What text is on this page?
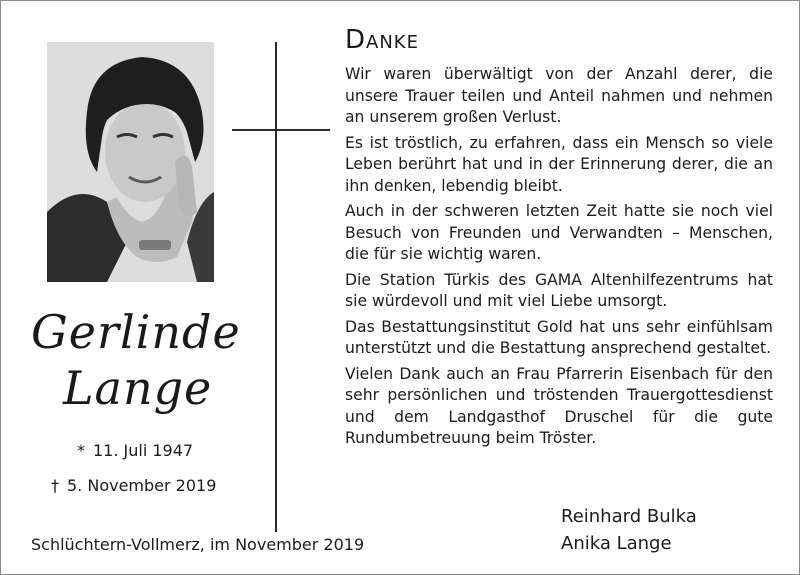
Gerlinde
Lange
* 11. Juli 1947
† 5. November 2019
Danke

Wir waren überwältigt von der Anzahl derer, die unsere Trauer teilen und Anteil nahmen und nehmen an unserem großen Verlust.

Es ist tröstlich, zu erfahren, dass ein Mensch so viele Leben berührt hat und in der Erinnerung derer, die an ihn denken, lebendig bleibt.

Auch in der schweren letzten Zeit hatte sie noch viel Besuch von Freunden und Verwandten – Menschen, die für sie wichtig waren.

Die Station Türkis des GAMA Altenhilfezentrums hat sie würdevoll und mit viel Liebe umsorgt.

Das Bestattungsinstitut Gold hat uns sehr einfühlsam unterstützt und die Bestattung ansprechend gestaltet.

Vielen Dank auch an Frau Pfarrerin Eisenbach für den sehr persönlichen und tröstenden Trauergottesdienst und dem Landgasthof Druschel für die gute Rundumbetreuung beim Tröster.

Reinhard Bulka
Anika Lange
Schlüchtern-Vollmerz, im November 2019
